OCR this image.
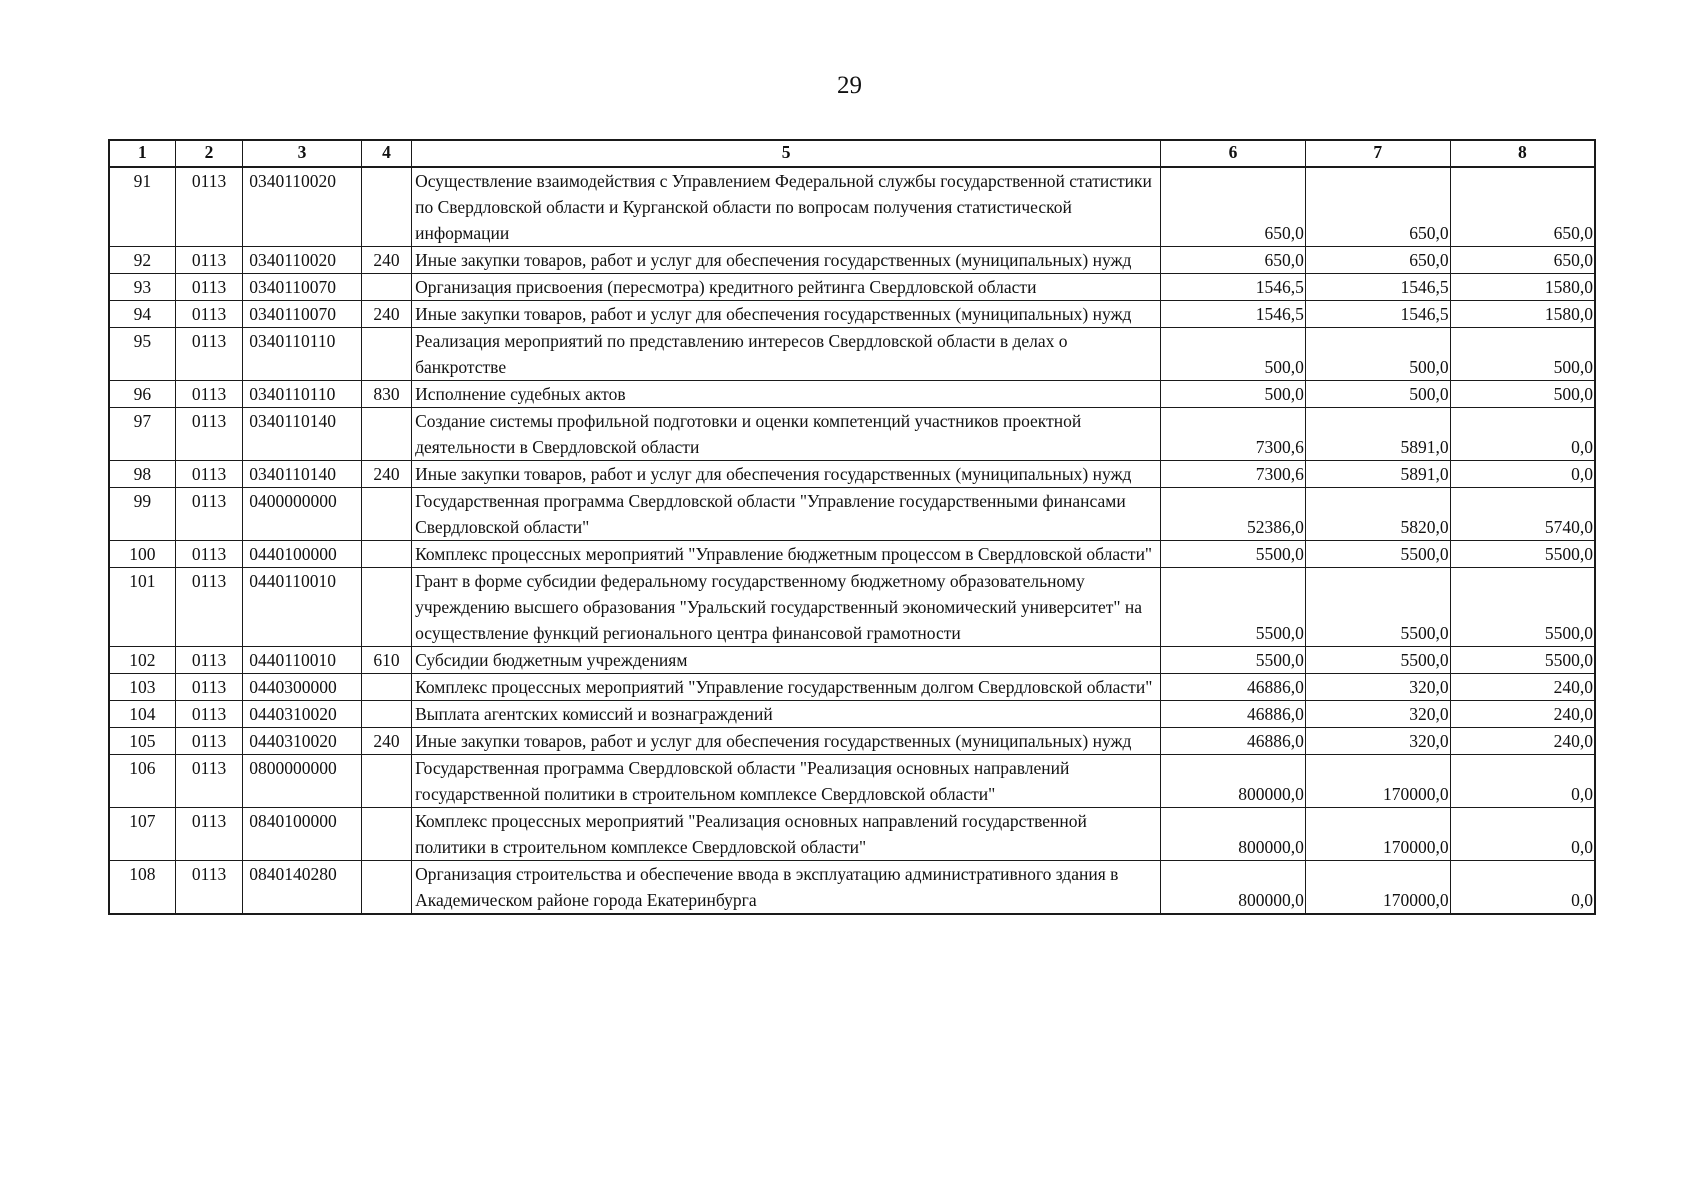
29
1	2	3	4	5	6	7	8
91	0113	0340110020		Осуществление взаимодействия с Управлением Федеральной службы государственной статистики по Свердловской области и Курганской области по вопросам получения статистической информации	650,0	650,0	650,0
92	0113	0340110020	240	Иные закупки товаров, работ и услуг для обеспечения государственных (муниципальных) нужд	650,0	650,0	650,0
93	0113	0340110070		Организация присвоения (пересмотра) кредитного рейтинга Свердловской области	1546,5	1546,5	1580,0
94	0113	0340110070	240	Иные закупки товаров, работ и услуг для обеспечения государственных (муниципальных) нужд	1546,5	1546,5	1580,0
95	0113	0340110110		Реализация мероприятий по представлению интересов Свердловской области в делах о банкротстве	500,0	500,0	500,0
96	0113	0340110110	830	Исполнение судебных актов	500,0	500,0	500,0
97	0113	0340110140		Создание системы профильной подготовки и оценки компетенций участников проектной деятельности в Свердловской области	7300,6	5891,0	0,0
98	0113	0340110140	240	Иные закупки товаров, работ и услуг для обеспечения государственных (муниципальных) нужд	7300,6	5891,0	0,0
99	0113	0400000000		Государственная программа Свердловской области "Управление государственными финансами Свердловской области"	52386,0	5820,0	5740,0
100	0113	0440100000		Комплекс процессных мероприятий "Управление бюджетным процессом в Свердловской области"	5500,0	5500,0	5500,0
101	0113	0440110010		Грант в форме субсидии федеральному государственному бюджетному образовательному учреждению высшего образования "Уральский государственный экономический университет" на осуществление функций регионального центра финансовой грамотности	5500,0	5500,0	5500,0
102	0113	0440110010	610	Субсидии бюджетным учреждениям	5500,0	5500,0	5500,0
103	0113	0440300000		Комплекс процессных мероприятий "Управление государственным долгом Свердловской области"	46886,0	320,0	240,0
104	0113	0440310020		Выплата агентских комиссий и вознаграждений	46886,0	320,0	240,0
105	0113	0440310020	240	Иные закупки товаров, работ и услуг для обеспечения государственных (муниципальных) нужд	46886,0	320,0	240,0
106	0113	0800000000		Государственная программа Свердловской области "Реализация основных направлений государственной политики в строительном комплексе Свердловской области"	800000,0	170000,0	0,0
107	0113	0840100000		Комплекс процессных мероприятий "Реализация основных направлений государственной политики в строительном комплексе Свердловской области"	800000,0	170000,0	0,0
108	0113	0840140280		Организация строительства и обеспечение ввода в эксплуатацию административного здания в Академическом районе города Екатеринбурга	800000,0	170000,0	0,0
